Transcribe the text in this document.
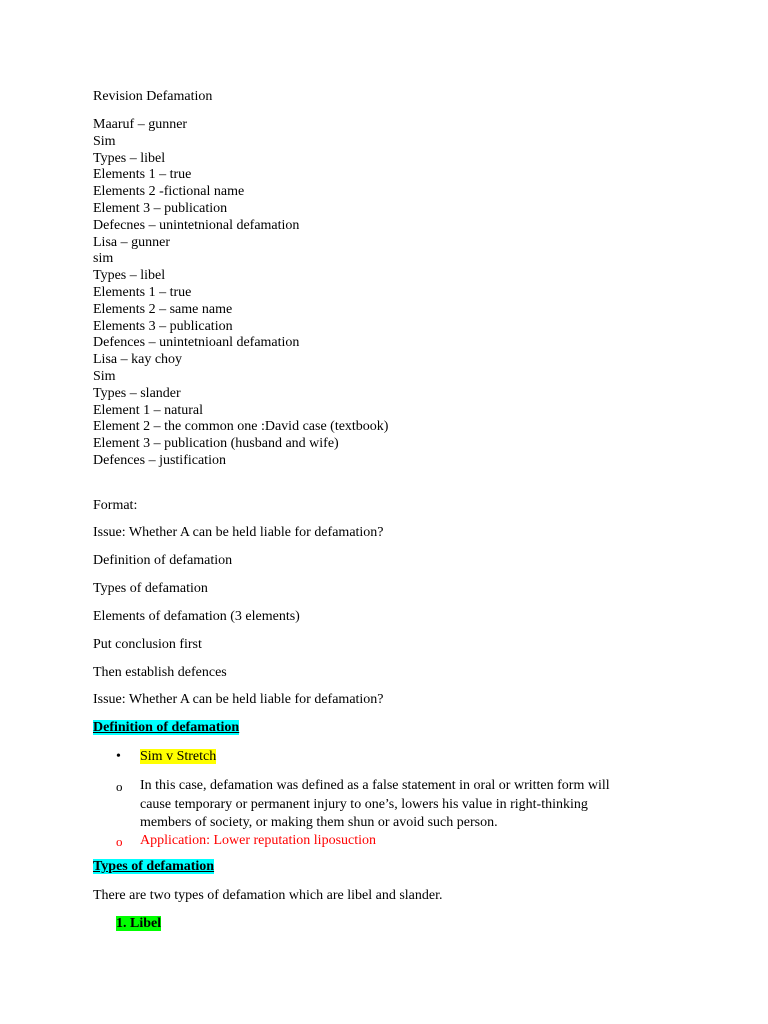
Revision Defamation
Maaruf – gunner
Sim
Types – libel
Elements 1 – true
Elements 2 -fictional name
Element 3 – publication
Defecnes – unintetnional defamation
Lisa – gunner
sim
Types – libel
Elements 1 – true
Elements 2 – same name
Elements 3 – publication
Defences – unintetnioanl defamation
Lisa – kay choy
Sim
Types – slander
Element 1 – natural
Element 2 – the common one :David case (textbook)
Element 3 – publication (husband and wife)
Defences – justification
Format:
Issue: Whether A can be held liable for defamation?
Definition of defamation
Types of defamation
Elements of defamation (3 elements)
Put conclusion first
Then establish defences
Issue: Whether A can be held liable for defamation?
Definition of defamation
• Sim v Stretch
o In this case, defamation was defined as a false statement in oral or written form will
cause temporary or permanent injury to one’s, lowers his value in right-thinking
members of society, or making them shun or avoid such person.
o Application: Lower reputation liposuction
Types of defamation
There are two types of defamation which are libel and slander.
1. Libel
